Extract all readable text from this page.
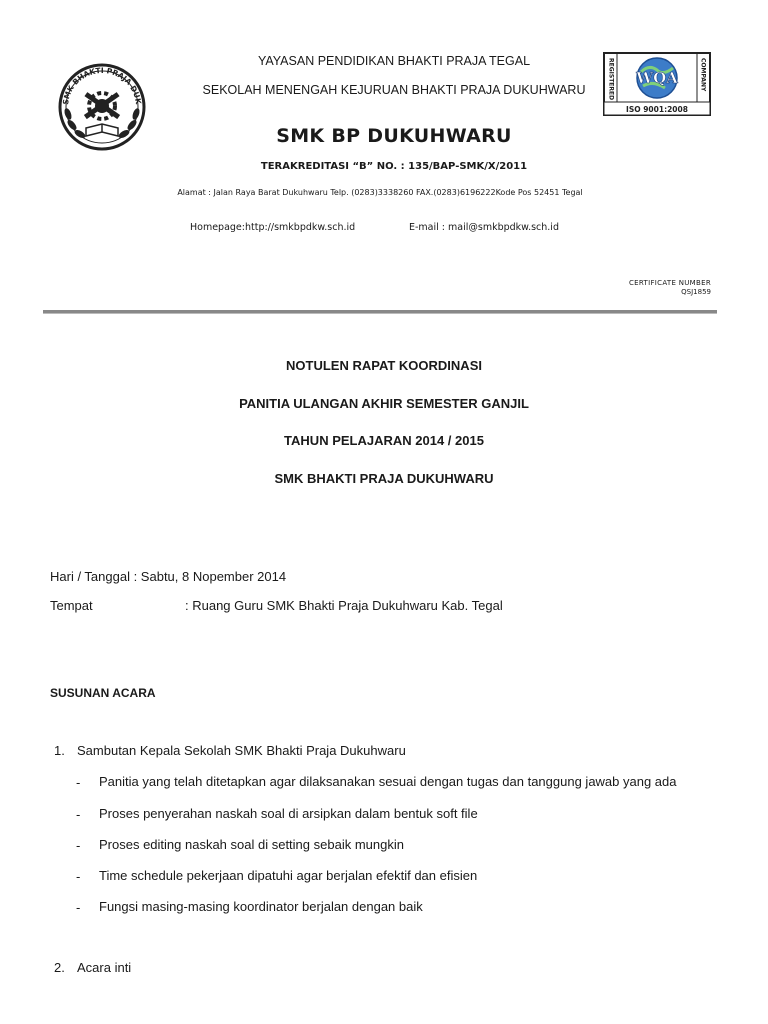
SMK BHAKTI PRAJA DUK
REGISTERED	COMPANY
WQA
ISO 9001:2008
YAYASAN PENDIDIKAN BHAKTI PRAJA TEGAL
SEKOLAH MENENGAH KEJURUAN BHAKTI PRAJA DUKUHWARU
SMK BP DUKUHWARU
TERAKREDITASI “B” NO. : 135/BAP-SMK/X/2011
Alamat : Jalan Raya Barat Dukuhwaru Telp. (0283)3338260 FAX.(0283)6196222Kode Pos 52451 Tegal
Homepage:http://smkbpdkw.sch.id	E-mail : mail@smkbpdkw.sch.id
CERTIFICATE NUMBER
QSJ1859
NOTULEN RAPAT KOORDINASI
PANITIA ULANGAN AKHIR SEMESTER GANJIL
TAHUN PELAJARAN 2014 / 2015
SMK BHAKTI PRAJA DUKUHWARU
Hari / Tanggal : Sabtu, 8 Nopember 2014
Tempat	: Ruang Guru SMK Bhakti Praja Dukuhwaru Kab. Tegal
SUSUNAN ACARA
1. Sambutan Kepala Sekolah SMK Bhakti Praja Dukuhwaru
- Panitia yang telah ditetapkan agar dilaksanakan sesuai dengan tugas dan tanggung jawab yang ada
- Proses penyerahan naskah soal di arsipkan dalam bentuk soft file
- Proses editing naskah soal di setting sebaik mungkin
- Time schedule pekerjaan dipatuhi agar berjalan efektif dan efisien
- Fungsi masing-masing koordinator berjalan dengan baik
2. Acara inti
